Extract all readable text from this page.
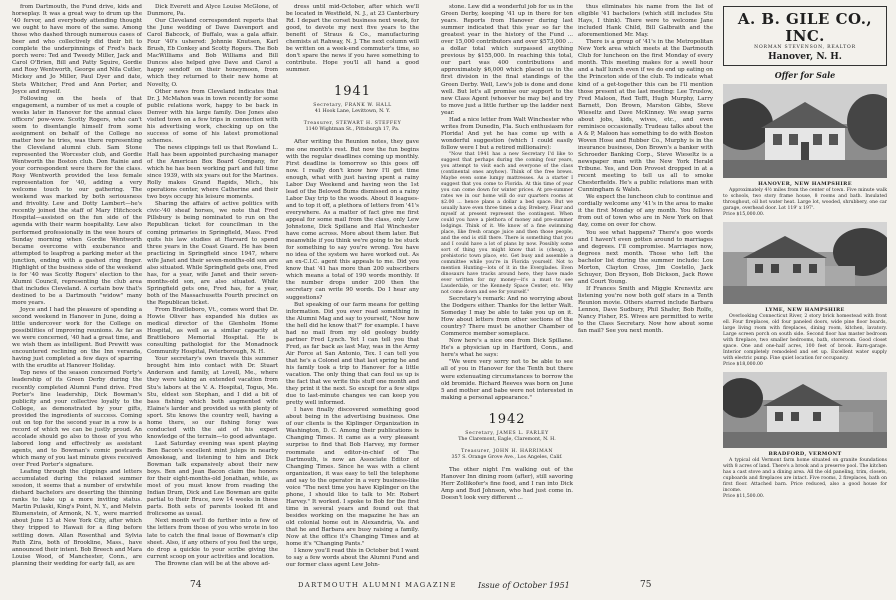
from Dartmouth, the Fund drive, kids and horseplay. It was a great way to drum up the '40 fervor, and everybody attending thought we ought to have more of the same. Among those who dashed through numerous cases of beer and who collectively did their bit to complete the underpinnings of Fred's back porch were: Ted and Tweedy Miller, Jack and Carol O'Brien, Bill and Patty Squire, Gordie and Rosy Wentworth, George and Nila Cutler, Mickey and Jo Miller, Paul Dyer and date, Stets Whitcher, Fred and Ann Porter, and Joyce and myself.

Following on the heels of that engagement, a number of us met a couple of weeks later in Hanover for the annual class officers' pow-wow. Scotty Rogers, who can't seem to disentangle himself from some assignment on behalf of the College no matter how he tries, was there representing the Cleveland alumni club. Sam Stone represented the Worcester club, and Gordie Wentworth the Boston club. Don Rainie and your correspondent were there for the class. Rosy Wentworth provided the less female representation for '40, adding a very welcome touch to our gathering. The weekend was marked by both seriousness and frivolity. Lew and Dotty Lambert—he's recently joined the staff of Mary Hitchcock Hospital—assisted on the fun side of the agenda with their warm hospitality. Lew also performed professionally in the wee hours of Sunday morning when Gordie Wentworth became overcome with exuberance and attempted to leapfrog a parking meter at the junction, ending with a gashed ring finger. Highlight of the business side of the weekend is for '40 was Scotty Rogers' election to the Alumni Council, representing the club area that includes Cleveland. A certain bow that's destined to be a Dartmouth "widow" many more years.

Joyce and I had the pleasure of spending a second weekend in Hanover in June, doing a little undercover work for the College on possibilities of improving reunions. As far as we were concerned, '40 had a great time, and we wish them as intelligent. Bud Prewitt was encountered reclining on the Inn veranda, having just completed a few days of sparring with the erudite at Hanover Holiday.

Top news of the season concerned Forty's leadership of its Green Derby during the recently completed Alumni Fund drive. Fred Porter's line leadership, Dick Bowman's publicity and your collective loyalty to the College, as demonstrated by your gifts, provided the ingredients of success. Coming out on top for the second year in a row is a record of which we can be justly proud. An accolade should go also to those of you who labored long and effectively as assistant agents, and to Bowman's comic postcards which many of you last minute gives received over Fred Porter's signature.

Leafing through the clippings and letters accumulated during the relaxed summer session, it seems that a number of erstwhile diehard bachelors are deserting the thinning ranks to take up a more inviting status. Martin Pulaski, King's Point, N. Y., and Melvin Blumenstein, of Armonk, N. Y., were married about June 13 at New York City, after which they tripped to Hawaii for a fling before settling down. Allan Rosenthal and Sylvia Ruth Zira, both of Brookline, Mass., have announced their intent. Bob Breech and Mara Louise Wood, of Manchester, Conn., are planning their wedding for early fall, as are

Dick Everett and Alyce Louise McGlone, of Dunmore, Pa.

Our Cleveland correspondent reports that the June wedding of Dave Davenport and Carol Babcock, of Buffalo, was a gala affair. Four '40's ushered: Johnnie Knutsen, Karl Brush, Eb Conkey and Scotty Rogers. The Bob MacWilliams and Bob Williams and Bill Dunces also helped give Dave and Carol a happy sendoff on their honeymoon, from which they returned to their new home at Novelty, O.

Other news from Cleveland indicates that Dr. J. McMahon was in town recently for some public relations work, happy to be back in Denver with his large family. Dee Jones also visited town on a few trips in connection with his advertising work, checking up on the success of some of his latest promotional schemes.

The news clippings tell us that Rowland L. Hall has been appointed purchasing manager of the American Box Board Company, for which he has been working part and full time since 1939, with six years out for the Marines. Rolly makes Grand Rapids, Mich., his operations center, where Catherine and their two boys occupy his leisure moments.

Sharing the affairs of active politics with civic-'40 sheaf horses, we note that Fred Pillsbury is being nominated to run on the Republican ticket for councilman in the coming primaries in Springfield, Mass. Fred quits his law studies at Harvard to spend three years in the Coast Guard. He has been practicing in Springfield since 1947, where wife Janet and their seven-months-old son are also situated. While Springfield gets one, Fred has, for a year, wife Janet and their seven-months-old son, are also situated. While Springfield gets one, Fred has, for a year, both of the Massachusetts Fourth precinct on the Republican ticket.

From Brattleboro, Vt., comes word that Dr. Howie Oliver has expanded his duties as medical director of the Glenholm Home Hospital, as well as a similar capacity at Brattleboro Memorial Hospital. He is consulting pathologist for the Monadnock Community Hospital, Peterborough, N. H.

Your secretary's own travels this summer brought him into contact with Dr. Stuart Anderson and family, at Lovell, Me., where they were taking an extended vacation from Stu's labors at the V. A. Hospital, Togus, Me. Stu, eldest son Stephan, and I did a bit of bass fishing which both augmented wife Elaine's larder and provided us with plenty of sport. Stu knows the country well, having a home there, so our fishing foray was conducted with the aid of his expert knowledge of the terrain—to good advantage.

Last Saturday evening was spent playing Ben Bacon's excellent mint juleps in nearby Amoskeag, and listening to him and Dick Bowman talk expansively about their new boys. Ben and Jean Bacon claim the honors for their eight-months-old Jonathan, while, as most of you must know from reading the Indian Drum, Dick and Lee Bowman are quite partial to their Bruce, now 14 weeks in these parts. Both sets of parents looked fit and frolicsome as usual.

Next month we'll do further into a few of the letters from those of you who wrote in too late to catch the final issue of Bowman's clip sheet. Also, if any others of you feel the urge, do drop a quickie to your scribe giving the current scoop on your activities and location.

The Browne clan will be at the above ad-

dress until mid-October, after which we'll be located in Westfield, N. J., at 23 Canterbury Rd. I depart the corset business next week, for good, to devote my next five years to the benefit of Straus & Co., manufacturing chemists at Rahway, N. J. The next column will be written on a week-end commuter's time, so don't spare the news if you have something to contribute. Hope you'll all hand a good summer.

1941
Secretary, FRANK W. HALL
41 Hook Lane, Levittown, N. Y.
Treasurer, STEWART H. STEFFEY
1140 Wightman St., Pittsburgh 17, Pa.

After writing the Reunion notes, they gave me one month's rest. But now the fun begins with the regular deadlines coming up monthly. First deadline is tomorrow so this goes off now. I really don't know how I'll get time enough, what with just having spent a rainy Labor Day Weekend and having won the 1st lead of the Beloved Bums dismissed on a rainy Labor Day trip to the woods. About 8 leagues-and to top it off, a plethora of letters from '41's everywhere. As a matter of fact give me first appeal for some mail from the class, only Lew Johnstone, Dick Spillane and Hal Winchester have come across. More about them later. But meanwhile if you think we're going to be stuck for something to say you're wrong. You have no idea of the system we have worked out. As an ex-C.I.C. agent this appeals to me. Did you know that '41 has more than 200 subscribers which means a total of 190 words monthly. If the number drops under 200 then the secretary can write 90 words. Do I hear any suggestions?

But speaking of our farm means for getting information. Did you ever read something in the Alumni Mag and say to yourself, "Now how the hell did he know that?" for example. I have had no mail from my old geology buddy partner Fred Lynch. Yet I can tell you that Fred, as far back as last May, was in the Army Air Force at San Antonio, Tex. I can tell you that he's a Colonel and that last spring he and his family took a trip to Hanover for a little vacation. The only thing that can foul us up is the fact that we write this stuff one month and they print it the next. So except for a few slips due to last-minute changes we can keep you pretty well informed.

I have finally discovered something good about being in the advertising business. One of our clients is the Kiplinger Organization in Washington, D. C. Among their publications is Changing Times. It came as a very pleasant surprise to find that Bob Harvey, my former roommate and editor-in-chief of The Dartmouth, is now an Associate Editor of Changing Times. Since he was with a client organization, it was easy to tell the telephone and say to the operator in a very business-like voice "The next time you have Kiplinger on the phone, I should like to talk to Mr. Robert Harvey." It worked. I spoke to Bob for the first time in several years and found out that besides working on the magazine he has an old colonial home out in Alexandria, Va. and that he and Barbara are busy raising a family. Now at the office it's Changing Times and at home it's "Changing Pants."

I know you'll read this in October but I want to say a few words about the Alumni Fund and our former class agent Lew John-

stone. Lew did a wonderful job for us in the Green Derby, keeping '41 up in there for ten years. Reports from Hanover during last summer indicated that this year so far the greatest year in the history of the Fund ... over 15,000 contributors and over $573,000 ... a dollar total which surpassed anything previous by $155,000. In reaching this total, our part was 400 contributions and approximately $6,000 which placed us in the first division in the final standings of the Green Derby. Well, Lew's job is done and done well. But let's all promise our support to the new Class Agent (whoever he may be) and try to move just a little further up the ladder next year.

Had a nice letter from Walt Winchester who writes from Dunedin, Fla. Such enthusiasm for Florida! And yet he has come up with a wonderful suggestion (which I could easily follow were I but a retired millionaire):

"Now that 1941 has a new Secretary I'd like to suggest that perhaps during the coming four years, you attempt to visit each and everyone of the class (continental ones anyhow). Think of the free brews. Maybe even some lumpy mattresses. As a starter I suggest that you come to Florida. At this time of year you can come down for winter prices. At pre-summer rates we in our home will do our quarters rooms at $2.00 ... hence plans a dollar a bed space. But we usually have even three times a day. Brebery, Fisar and myself at present represent the contingent. When could you have a plethora of money and pre-summer lodgings. Think of it. We know of a fine swimming place, like fresh orange juice and then those people, and the end is still there. There is something that you and I could have a lot of plans by now. Possibly some sort of thing you might know that is (cheap), a prehistoric town place, etc. Get busy and assemble a committee while you're in Florida yourself. Not to mention Hunting—lots of it in the Everglades. Even dinosaurs have tracks around here, they have made ever written for my money—it's a must to see Lauderdale, or the Kennedy Space Center, etc. Why not come down and see for yourself."

Secretary's remark: And no worrying about the Dodgers either. Thanks for the letter Walt. Someday I may be able to take you up on it. How about letters from other sections of the country? There must be another Chamber of Commerce member someplace.

Now here's a nice one from Dick Spillane. He's a physician up in Hartford, Conn., and here's what he says:

"We were very sorry not to be able to see all of you in Hanover for the Tenth but there were extenuating circumstances to borrow the old bromide. Richard Reeves was born on June 5 and mother and babe were not interested in making a personal appearance."

1942
Secretary, JAMES L. FARLEY
The Claremont, Eagle, Claremont, N. H.
Treasurer, JOHN H. HARRIMAN
357 S. Orange Grove Ave., Los Angeles, Calif.

The other night I'm walking out of the Hanover Inn dining room (after), still savoring Herr Zollikofer's fine food, and I ran into Dick Amp and Bud Johnson, who had just come in. Doesn't look very different ...

thus eliminates his name from the list of eligible '41 bachelors (which still includes Stu Hays, I think). There were to welcome Jane included Hank Child, Bill Galbraith and the aforementioned Mr. May.

There is a group of '41's in the Metropolitan New York area which meets at the Dartmouth Club for luncheon on the first Monday of every month. This meeting makes for a swell hour and a half lunch even if we do end up eating on the Princeton side of the club. To indicate what kind of a get-together this can be I'll mention those present at the last meeting: Lee Truslow, Fred Maloon, Red Tefft, Hugh Murphy, Larry Barnett, Don Brown, Marston Gibbs, Steve Wieseltz and Dave McKinney. We swap yarns about jobs, kids, wives, etc., and even reminisce occasionally. Trudeau talks about the A & P, Maloon has something to do with Boston Woven Hose and Rubber Co., Murphy is in the insurance business, Don Brown's a banker with Schroeder Banking Corp., Steve Wieseltz is a newspaper man with the New York Herald Tribune. Yes, and Don Provost dropped in at a recent meeting to tell us all to smoke Chesterfields. He's a public relations man with Cunningham & Walsh.

We expect the luncheon club to continue and cordially welcome any '41's in the area to make it the first Monday of any month. You fellows from out of town who are in New York on that day, come on over for chow.

You see what happens? There's goo words and I haven't even gotten around to marriages and degrees. I'll compromise. Marriages now, degrees next month. Those who left the bachelor list during the summer include: Lou Morton, Clayton Cross, Jim Costello, Jack Schuyer, Don Bryson, Bob Dickson, Jack Rowe and Court Young.

If Frances Smith and Miggie Krensvitz are listening you're now both golf stars in a Tenth Reunion movie. Others starred include Barbara Lennox, Dave Sudbury, Phil Shafer, Bob Rolfe, Nancy Fisher, P.S. Wives are permitted to write to the Class Secretary. Now how about some fan mail? See you next month.

A. B. GILE CO., INC.
NORMAN STEVENSON, REALTOR
Hanover, N. H.
Offer for Sale
HANOVER, NEW HAMPSHIRE
Approximately 4½ miles from the center of town. Five minute walk to schools, two story frame house, 8 rooms and bath. Insulated throughout, oil hot water heat. Large lot, wooded, shrubbery, one car garage, overhead door. Lot 119' x 197'.
Price $15,000.00.
LYME, NEW HAMPSHIRE
Overlooking Connecticut River, 2 story brick homestead with front ell. Four fireplaces, old four paneled doors, wide pine floor boards, large living room with fireplaces, dining room, kitchen, lavatory. Large screen porch on south side. Second floor has master bedroom with fireplace, two smaller bedrooms, bath, storeroom. Good closet space. One and one-half acres, 100 feet of brook. Barn-garage. Interior completely remodeled and set up. Excellent water supply with electric pump. Fine quiet location for occupancy.
Price $18,000.00
BRADFORD, VERMONT
A typical old Vermont farm home situated on granite foundations with 8 acres of land. There's a brook and a preserve pool. The kitchen has a cast stove and a dining area. All the old paneling, trim, closets, cupboards and fireplaces are intact. Five rooms, 2 fireplaces, bath on first floor. Attached barn. Price reduced, also a good house for income.
Price $11,500.00.
74	DARTMOUTH ALUMNI MAGAZINE	Issue of October 1951	75
